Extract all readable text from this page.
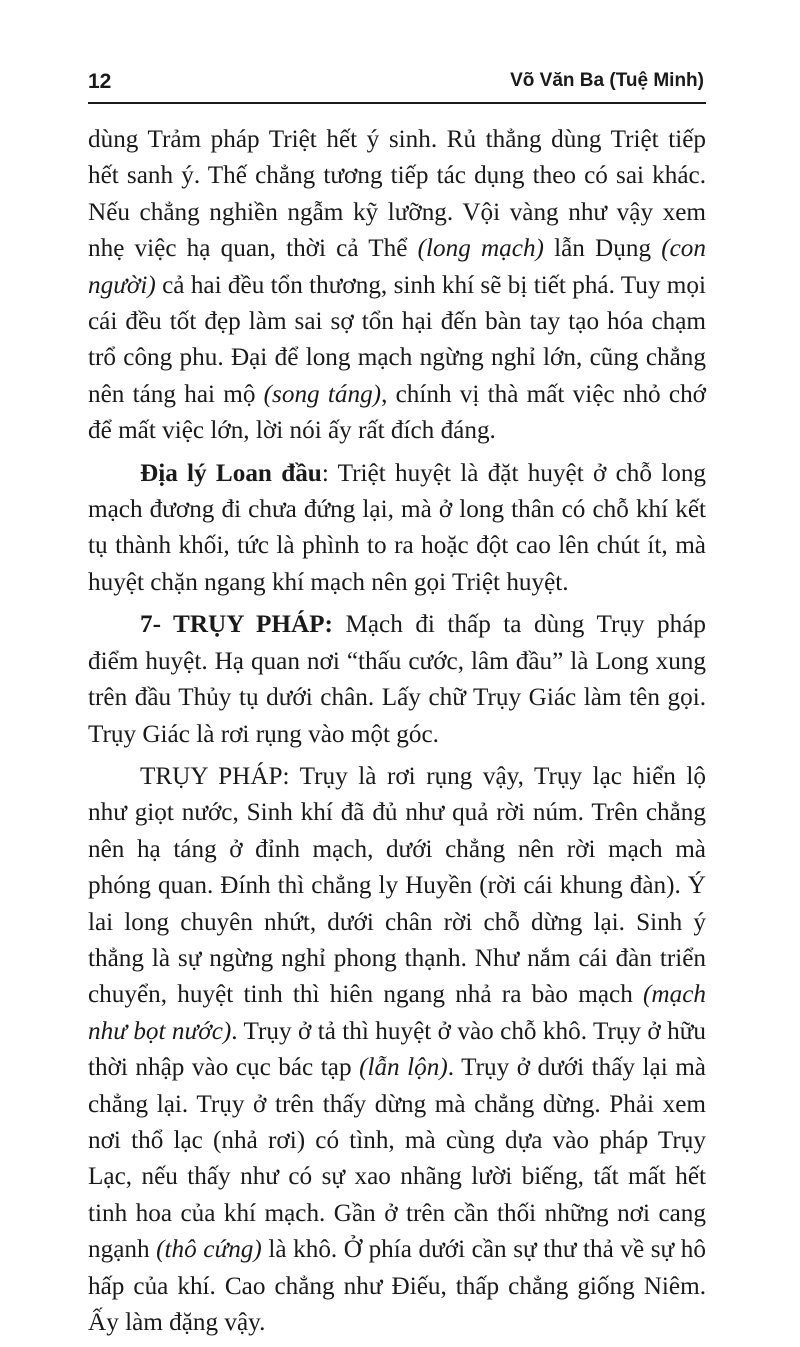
12	Võ Văn Ba (Tuệ Minh)

dùng Trảm pháp Triệt hết ý sinh. Rủ thẳng dùng Triệt tiếp hết sanh ý. Thế chẳng tương tiếp tác dụng theo có sai khác. Nếu chẳng nghiền ngẫm kỹ lưỡng. Vội vàng như vậy xem nhẹ việc hạ quan, thời cả Thể (long mạch) lẫn Dụng (con người) cả hai đều tổn thương, sinh khí sẽ bị tiết phá. Tuy mọi cái đều tốt đẹp làm sai sợ tổn hại đến bàn tay tạo hóa chạm trổ công phu. Đại để long mạch ngừng nghỉ lớn, cũng chẳng nên táng hai mộ (song táng), chính vị thà mất việc nhỏ chớ để mất việc lớn, lời nói ấy rất đích đáng.

Địa lý Loan đầu: Triệt huyệt là đặt huyệt ở chỗ long mạch đương đi chưa đứng lại, mà ở long thân có chỗ khí kết tụ thành khối, tức là phình to ra hoặc đột cao lên chút ít, mà huyệt chặn ngang khí mạch nên gọi Triệt huyệt.

7- TRỤY PHÁP: Mạch đi thấp ta dùng Trụy pháp điểm huyệt. Hạ quan nơi “thấu cước, lâm đầu” là Long xung trên đầu Thủy tụ dưới chân. Lấy chữ Trụy Giác làm tên gọi. Trụy Giác là rơi rụng vào một góc.

TRỤY PHÁP: Trụy là rơi rụng vậy, Trụy lạc hiển lộ như giọt nước, Sinh khí đã đủ như quả rời núm. Trên chẳng nên hạ táng ở đỉnh mạch, dưới chẳng nên rời mạch mà phóng quan. Đính thì chẳng ly Huyền (rời cái khung đàn). Ý lai long chuyên nhứt, dưới chân rời chỗ dừng lại. Sinh ý thẳng là sự ngừng nghỉ phong thạnh. Như nắm cái đàn triển chuyển, huyệt tinh thì hiên ngang nhả ra bào mạch (mạch như bọt nước). Trụy ở tả thì huyệt ở vào chỗ khô. Trụy ở hữu thời nhập vào cục bác tạp (lẫn lộn). Trụy ở dưới thấy lại mà chẳng lại. Trụy ở trên thấy dừng mà chẳng dừng. Phải xem nơi thổ lạc (nhả rơi) có tình, mà cùng dựa vào pháp Trụy Lạc, nếu thấy như có sự xao nhãng lười biếng, tất mất hết tinh hoa của khí mạch. Gần ở trên cần thối những nơi cang ngạnh (thô cứng) là khô. Ở phía dưới cần sự thư thả về sự hô hấp của khí. Cao chẳng như Điếu, thấp chẳng giống Niêm. Ấy làm đặng vậy.
